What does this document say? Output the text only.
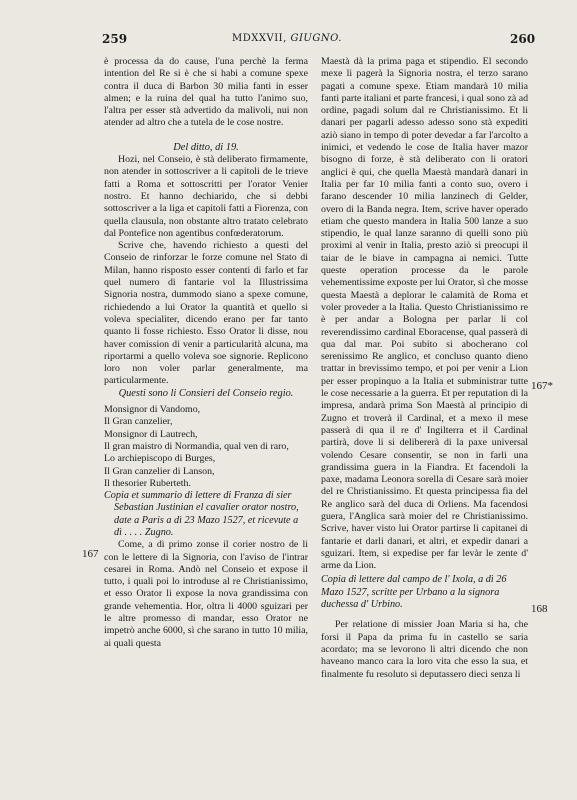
259	MDXXVII, GIUGNO.	260
167
167*
168

è processa da do cause, l'una perchè la ferma intention del Re si è che si habi a comune spexe contra il duca di Barbon 30 milia fanti in esser almen; e la ruina del qual ha tutto l'animo suo, l'altra per esser stà advertido da malivoli, nui non atender ad altro che a tutela de le cose nostre.

Del ditto, di 19.

Hozi, nel Conseio, è stà deliberato firmamente, non atender in sottoscriver a li capitoli de le trieve fatti a Roma et sottoscritti per l'orator Venier nostro. Et hanno dechiarido, che si debbi sottoscriver a la liga et capitoli fatti a Fiorenza, con quella clausula, non obstante altro tratato celebrato dal Pontefice non agentibus confœderatorum.

Scrive che, havendo richiesto a questi del Conseio de rinforzar le forze comune nel Stato di Milan, hanno risposto esser contenti di farlo et far quel numero di fantarie vol la Illustrissima Signoria nostra, dummodo siano a spexe comune, richiedendo a lui Orator la quantità et quello si voleva specialiter, dicendo erano per far tanto quanto li fosse richiesto. Esso Orator li disse, nou haver comission di venir a particularità alcuna, ma riportarmi a quello voleva soe signorie. Replicono loro non voler parlar generalmente, ma particularmente.

Questi sono li Consieri del Conseio regio.

Monsignor di Vandomo,

Il Gran canzelier,

Monsignor di Lautrech,

Il gran maistro di Normandia, qual ven di raro,

Lo archiepiscopo di Burges,

Il Gran canzelier di Lanson,

Il thesorier Ruberteth.

Copia et summario di lettere di Franza di sier Sebastian Justinian el cavalier orator nostro, date a Paris a dì 23 Mazo 1527, et ricevute a dì . . . . Zugno.

Come, a dì primo zonse il corier nostro de li con le lettere di la Signoria, con l'aviso de l'intrar cesarei in Roma. Andò nel Conseio et expose il tutto, i quali poi lo introduse al re Christianissimo, et esso Orator li expose la nova grandissima con grande vehementia. Hor, oltra li 4000 sguizari per le altre promesso di mandar, esso Orator ne impetrò anche 6000, sì che sarano in tutto 10 milia, ai quali questa

Maestà dà la prima paga et stipendio. El secondo mexe li pagerà la Signoria nostra, el terzo sarano pagati a comune spexe. Etiam mandarà 10 milia fanti parte italiani et parte francesi, i qual sono zà ad ordine, pagadi solum dal re Christianissimo. Et li danari per pagarli adesso adesso sono stà expediti aziò siano in tempo di poter devedar a far l'arcolto a inimici, et vedendo le cose de Italia haver mazor bisogno di forze, è stà deliberato con li oratori anglici è qui, che quella Maestà mandarà danari in Italia per far 10 milia fanti a conto suo, overo i farano descender 10 milia lanzinech di Gelder, overo di la Banda negra. Item, scrive haver operado etiam che questo mandera in Italia 500 lanze a suo stipendio, le qual lanze saranno di quelli sono più proximi al venir in Italia, presto aziò si preocupi il taiar de le biave in campagna ai nemici. Tutte queste operation processe da le parole vehementissime exposte per lui Orator, sì che mosse questa Maestà a deplorar le calamità de Roma et voler proveder a la Italia. Questo Christianissimo re è per andar a Bologna per parlar li col reverendissimo cardinal Eboracense, qual passerà di qua dal mar. Poi subito si abocherano col serenissimo Re anglico, et concluso quanto dieno trattar in brevissimo tempo, et poi per venir a Lion per esser propinquo a la Italia et subministrar tutte le cose necessarie a la guerra. Et per reputation di la impresa, andarà prima Son Maestà al principio di Zugno et troverà il Cardinal, et a mexo il mese passerà di qua il re d' Ingilterra et il Cardinal partirà, dove li si delibererà di la paxe universal volendo Cesare consentir, se non in farli una grandissima guera in la Fiandra. Et facendoli la paxe, madama Leonora sorella di Cesare sarà moier del re Christianissimo. Et questa principessa fia del Re anglico sarà del duca di Orliens. Ma facendosi guera, l'Anglica sarà moier del re Christianissimo. Scrive, haver visto lui Orator partirse li capitanei di fantarie et darli danari, et altri, et expedir danari a sguizari. Item, si expedise per far levàr le zente d' arme da Lion.

Copia di lettere dal campo de l' Ixola, a dì 26 Mazo 1527, scritte per Urbano a la signora duchessa d' Urbino.

Per relatione di missier Joan Maria si ha, che forsi il Papa da prima fu in castello se saria acordato; ma se levorono li altri dicendo che non haveano manco cara la loro vita che esso la sua, et finalmente fu resoluto si deputassero dieci senza li
